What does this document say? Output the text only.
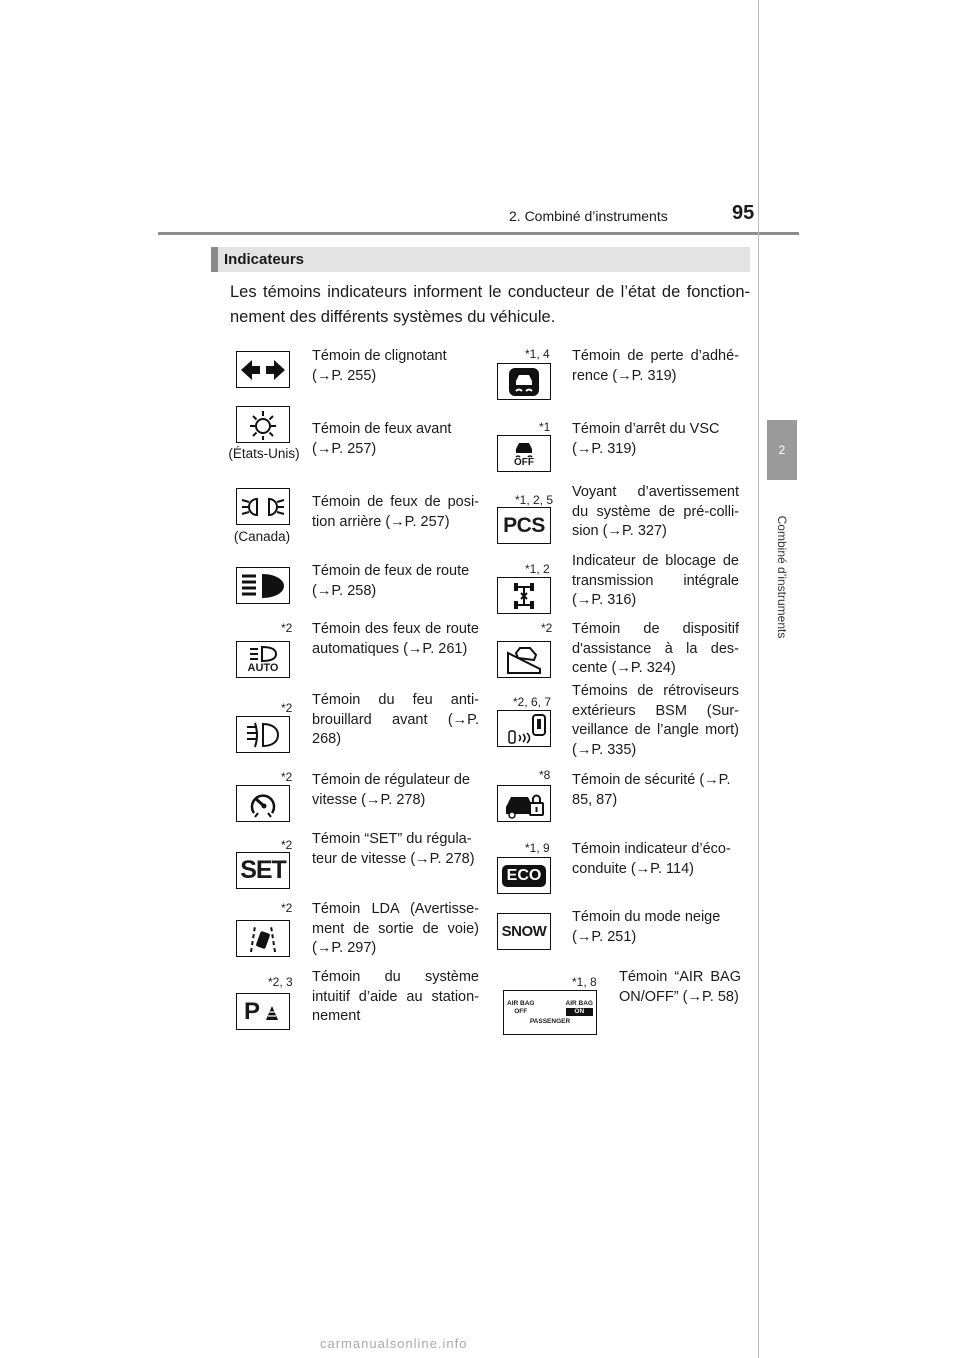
2. Combiné d’instruments	95
2
Combiné d’instruments
Indicateurs
Les témoins indicateurs informent le conducteur de l’état de fonction-nement des différents systèmes du véhicule.
Témoin de clignotant (→P. 255)
*1, 4 Témoin de perte d’adhé-rence (→P. 319)
(États-Unis)
Témoin de feux avant (→P. 257)
*1
OFF
Témoin d’arrêt du VSC (→P. 319)
(Canada)
Témoin de feux de posi-tion arrière (→P. 257)
*1, 2, 5
PCS
Voyant d’avertissement du système de pré-colli-sion (→P. 327)
Témoin de feux de route (→P. 258)
*1, 2 Indicateur de blocage de transmission intégrale (→P. 316)
*2
AUTO
Témoin des feux de route automatiques (→P. 261)
*2 Témoin de dispositif d'assistance à la des-cente (→P. 324)
*2 Témoin du feu anti-brouillard avant (→P. 268)
*2, 6, 7
Témoins de rétroviseurs extérieurs BSM (Sur-veillance de l’angle mort) (→P. 335)
*2 Témoin de régulateur de vitesse (→P. 278)
*8 Témoin de sécurité (→P. 85, 87)
*2
SET
Témoin “SET” du régula-teur de vitesse (→P. 278)
*1, 9
ECO
Témoin indicateur d’éco-conduite (→P. 114)
*2 Témoin LDA (Avertisse-ment de sortie de voie) (→P. 297)
SNOW
Témoin du mode neige (→P. 251)
*2, 3
P
Témoin du système intuitif d’aide au station-nement
*1, 8
AIR BAG
OFF
AIR BAG
ON
PASSENGER
Témoin “AIR BAG ON/OFF” (→P. 58)
carmanualsonline.info
